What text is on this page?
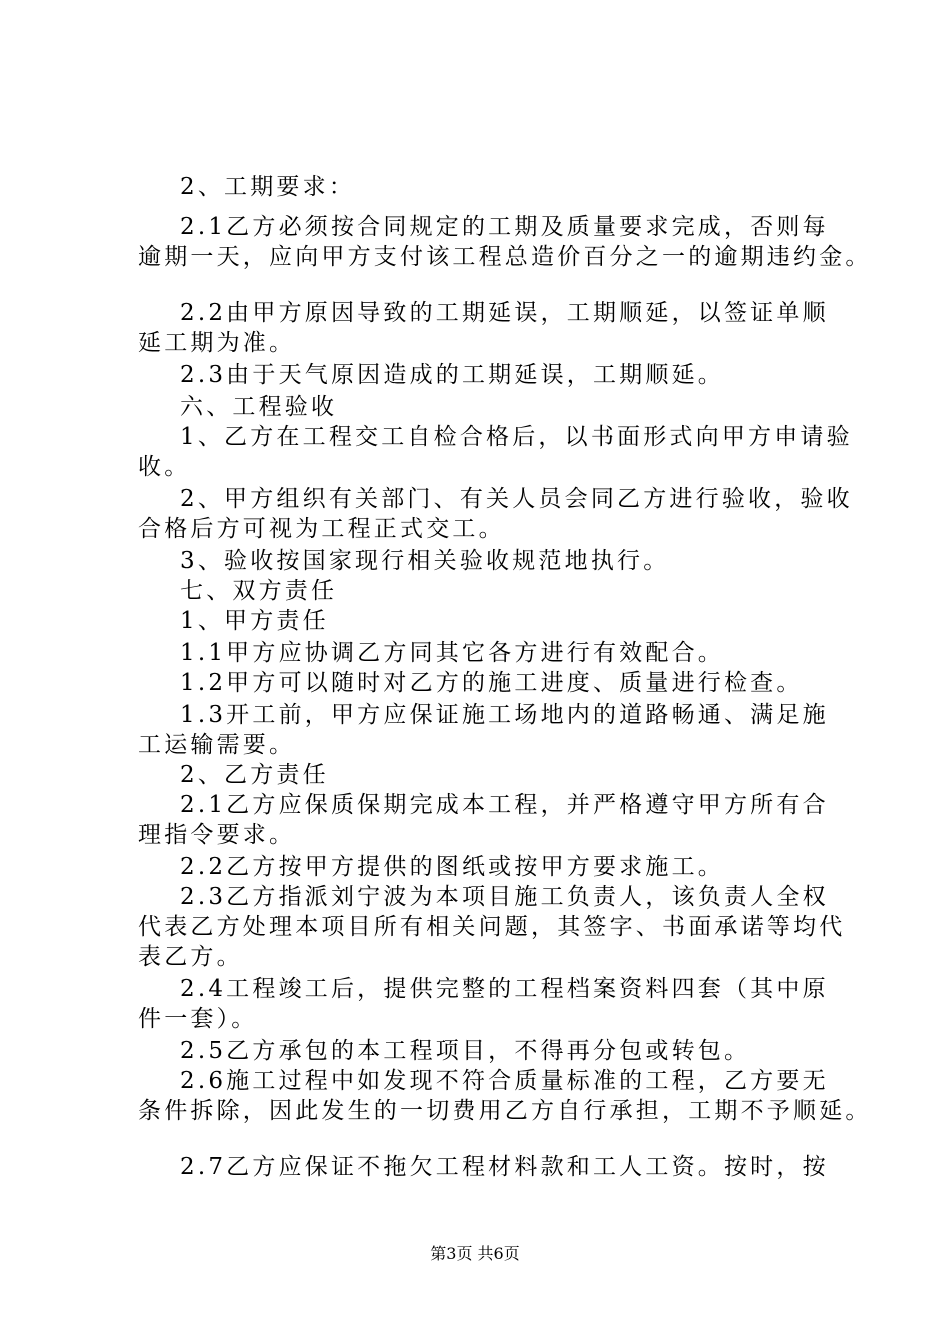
2、工期要求：
2.1乙方必须按合同规定的工期及质量要求完成，否则每
逾期一天，应向甲方支付该工程总造价百分之一的逾期违约金。
2.2由甲方原因导致的工期延误，工期顺延，以签证单顺
延工期为准。
2.3由于天气原因造成的工期延误，工期顺延。
六、工程验收
1、乙方在工程交工自检合格后，以书面形式向甲方申请验
收。
2、甲方组织有关部门、有关人员会同乙方进行验收，验收
合格后方可视为工程正式交工。
3、验收按国家现行相关验收规范地执行。
七、双方责任
1、甲方责任
1.1甲方应协调乙方同其它各方进行有效配合。
1.2甲方可以随时对乙方的施工进度、质量进行检查。
1.3开工前，甲方应保证施工场地内的道路畅通、满足施
工运输需要。
2、乙方责任
2.1乙方应保质保期完成本工程，并严格遵守甲方所有合
理指令要求。
2.2乙方按甲方提供的图纸或按甲方要求施工。
2.3乙方指派刘宁波为本项目施工负责人，该负责人全权
代表乙方处理本项目所有相关问题，其签字、书面承诺等均代
表乙方。
2.4工程竣工后，提供完整的工程档案资料四套（其中原
件一套）。
2.5乙方承包的本工程项目，不得再分包或转包。
2.6施工过程中如发现不符合质量标准的工程，乙方要无
条件拆除，因此发生的一切费用乙方自行承担，工期不予顺延。
2.7乙方应保证不拖欠工程材料款和工人工资。按时，按
第3页 共6页
